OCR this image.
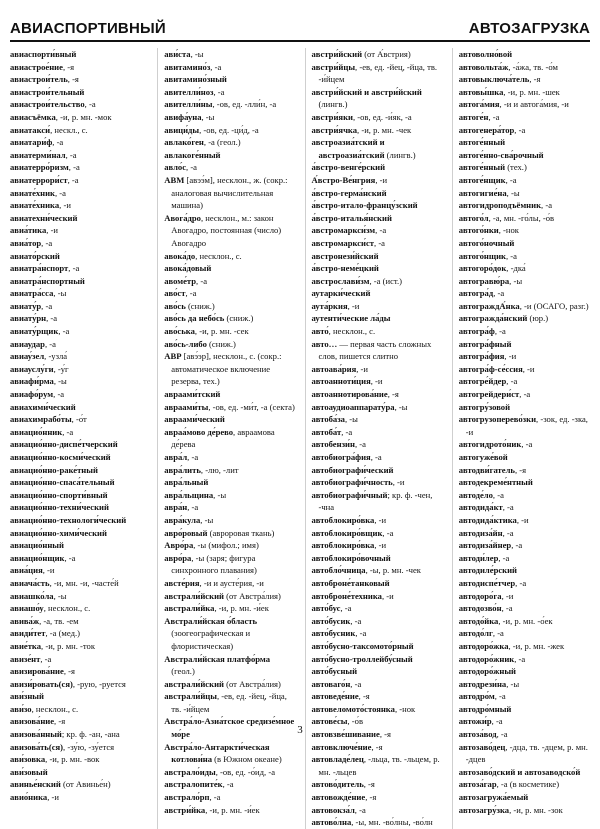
АВИАСПОРТИВНЫЙ	АВТОЗАГРУЗКА
авиаспорти́вный
авиастрое́ние, -я
авиастрои́тель, -я
авиастрои́тельный
авиастрои́тельство, -а
авиасъёмка, -и, р. мн. -мок
авиатакси́, нескл., с.
авиатари́ф, -а
авиатерми́нал, -а
авиатерро́ризм, -а
авиатеррори́ст, -а
авиате́хник, -а
авиате́хника, -и
авиатехни́ческий
авиа́тика, -и
авиа́тор, -а
авиато́рский
авиатра́нспорт, -а
авиатра́нспортный
авиатра́сса, -ы
авиату́р, -а
авиату́рн, -а
авиату́рщик, -а
авиаудар, -а
авиау́зел, -узла́
авиауслу́ги, -у́г
авиафи́рма, -ы
авиафо́рум, -а
авиахими́ческий
авиахимрабо́ты, -о́т
авиацио́нник, -а
авиацио́нно-диспе́тчерский
авиацио́нно-косми́ческий
авиацио́нно-раке́тный
авиацио́нно-спаса́тельный
авиацио́нно-спорти́вный
авиацио́нно-техни́ческий
авиацио́нно-технологи́ческий
авиацио́нно-хими́ческий
авиацио́нный
авиацио́нщик, -а
авиа́ция, -и
авиача́сть, -и, мн. -и, -часте́й
авиашко́ла, -ы
авиашо́у, несклон., с.
авива́ж, -а, тв. -ем
авиди́тет, -а (мед.)
авие́тка, -и, р. мн. -ток
авизе́нт, -а
авизирова́ние, -я
авизи́ровать(ся), -рую, -руется
ави́зный
ави́зо, несклон., с.
авизова́ние, -я
авизова́нный; кр. ф. -ан, -ана
авизова́ть(ся), -зу́ю, -зу́ется
ави́зовка, -и, р. мн. -вок
ави́зовый
авинье́нский (от Авинье́н)
авио́ника, -и
ави́ста, -ы
авитамино́з, -а
авитамино́зный
авителли́ноз, -а
авителли́ны, -ов, ед. -лли́н, -а
авифа́уна, -ы
авици́ды, -ов, ед. -ци́д, -а
авлако́ген, -а (геол.)
авлакоге́нный
авло́с, -а
АВМ [авээ́м], несклон., ж. (сокр.: аналоговая вычислительная машина)
Авога́дро, несклон., м.: закон Авогадро, постоянная (число) Авогадро
авока́до, несклон., с.
авока́довый
авоме́тр, -а
аво́ст, -а
аво́сь (сниж.)
аво́сь да небо́сь (сниж.)
аво́ська, -и, р. мн. -сек
аво́сь-либо (сниж.)
АВР [авэ́эр], несклон., с. (сокр.: автоматическое включение резерва, тех.)
авраами́тский
авраами́ты, -ов, ед. -ми́т, -а (секта)
авраами́ческий
авраа́мово де́рево, авраамова де́рева
авра́л, -а
авра́лить, -лю, -лит
авра́льный
авра́льщина, -ы
авра́н, -а
авра́кула, -ы
авро́ровый (авроровая ткань)
Авро́ра, -ы (мифол.; имя)
авро́ра, -ы (заря; фигура синхронного плавания)
австе́рия, -и и аусте́рия, -и
австрали́йский (от Австра́лия)
австрали́йка, -и, р. мн. -и́ек
Австрали́йская о́бласть (зоогеографическая и флористическая)
Австрали́йская платфо́рма (геол.)
австрали́йский (от Австра́лия)
австрали́йцы, -ев, ед. -йец, -йца, тв. -и́йцем
Австра́ло-Азиа́тское средизе́мное мо́ре
Австра́ло-Антаркти́ческая котлови́на (в Южном океане)
австрало́иды, -ов, ед. -о́ид, -а
австралопите́к, -а
австрало́рп, -а
австри́йка, -и, р. мн. -и́ек
австри́йский (от А́встрия)
австри́йцы, -ев, ед. -йец, -йца, тв. -и́йцем
австри́йский и австри́йский (лингв.)
австри́яки, -ов, ед. -и́як, -а
австри́ячка, -и, р. мн. -чек
австроазиа́тский и австроазиа́тский (лингв.)
а́встро-венге́рский
А́встро-Ве́нгрия, -и
а́встро-герма́нский
а́встро-итало-францу́зский
а́встро-италья́нский
австромаркси́зм, -а
австромаркси́ст, -а
австронези́йский
а́встро-неме́цкий
австрослави́зм, -а (ист.)
аутарки́ческий
аута́ркия, -и
аутенти́ческие ла́ды
авто́, несклон., с.
авто… — первая часть сложных слов, пишется слитно
автоава́рия, -и
автоанноти́ция, -и
автоаннотирова́ние, -я
автоаудиоаппарату́ра, -ы
автоба́за, -ы
автоба́т, -а
автобензи́н, -а
автобиогра́фия, -а
автобиографи́ческий
автобиографи́чность, -и
автобиографи́чный; кр. ф. -чен, -чна
автоблокиро́вка, -и
автоблокиро́вщик, -а
автоблокиро́вка, -и
автоблокиро́вочный
автобло́чница, -ы, р. мн. -чек
автоброне́танковый
автоброне́техника, -и
авто́бус, -а
авто́бусик, -а
авто́бусник, -а
авто́бусно-таксомото́рный
авто́бусно-троллейбу́сный
авто́бусный
автоваго́н, -а
автоведе́ние, -я
автовеломото́стоянка, -нок
автове́сы, -о́в
автовзве́шивание, -я
автовключе́ние, -я
автовладе́лец, -льца, тв. -льцем, р. мн. -льцев
автово́дитель, -я
автовожде́ние, -я
автовокза́л, -а
автово́лна, -ы, мн. -во́лны, -во́лн
автоволно́вой
автовольта́ж, -а́жа, тв. -о́м
автовыключа́тель, -я
автовы́шка, -и, р. мн. -шек
автога́мия, -и и автога́мия, -и
автоге́н, -а
автогенера́тор, -а
автоге́нный
автоге́нно-сва́рочный
автоге́нный (тех.)
автоге́нщик, -а
автогигие́на, -ы
автогидроподъёмник, -а
автого́л, -а, мн. -го́лы, -о́в
автого́нки, -нок
автого́ночный
автого́нщик, -а
автогоро́док, -дка́
автогравю́ра, -ы
автогра́д, -а
автограждА́нка, -и (ОСАГО, разг.)
автогражда́нский (юр.)
автогра́ф, -а
автогра́фный
автогра́фия, -и
автогра́ф-се́ссия, -и
автогре́йдер, -а
автогрейдери́ст, -а
автогру́зовой
автогрузоперево́зки, -зок, ед. -зка, -и
автогидрото́ник, -а
автогуже́вой
автодви́гатель, -я
автодекреме́нтный
автоде́ло, -а
автодида́кт, -а
автодида́ктика, -и
автодиза́йн, -а
автодиза́йнер, -а
автоди́лер, -а
автодиле́рский
автодиспе́тчер, -а
автодоро́га, -и
автодозво́н, -а
автодо́йка, -и, р. мн. -о́ек
автодо́лг, -а
автодоро́жка, -и, р. мн. -жек
автодоро́жник, -а
автодоро́жный
автодрези́на, -ы
автодро́м, -а
автодро́мный
автожи́р, -а
автоза́вод, -а
автозаво́дец, -дца, тв. -дцем, р. мн. -дцев
автозаво́дский и автозаводско́й
автоза́гар, -а (в косметике)
автозагружа́емый
автозагру́зка, -и, р. мн. -зок
3
